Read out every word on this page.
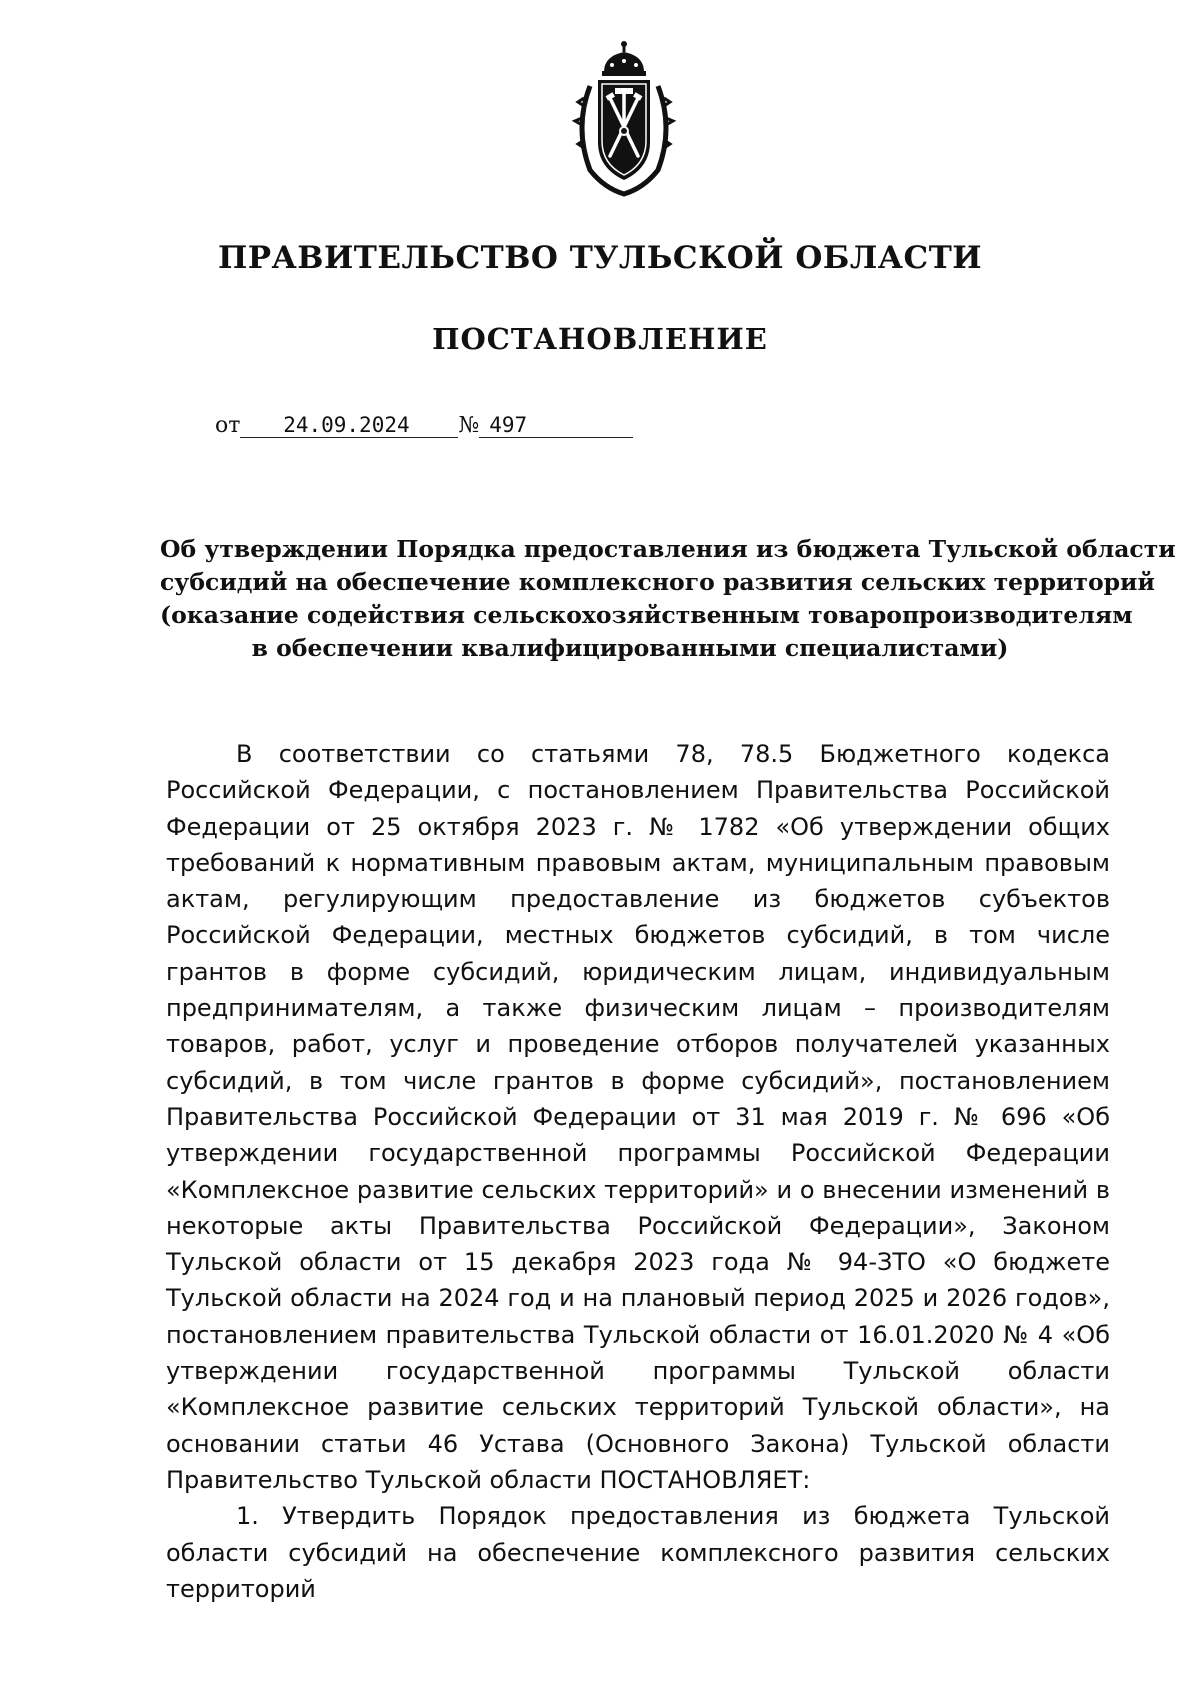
ПРАВИТЕЛЬСТВО ТУЛЬСКОЙ ОБЛАСТИ
ПОСТАНОВЛЕНИЕ
от 24.09.2024 № 497
Об утверждении Порядка предоставления из бюджета Тульской области
субсидий на обеспечение комплексного развития сельских территорий
(оказание содействия сельскохозяйственным товаропроизводителям
в обеспечении квалифицированными специалистами)

В соответствии со статьями 78, 78.5 Бюджетного кодекса Российской Федерации, с постановлением Правительства Российской Федерации от 25 октября 2023 г. № 1782 «Об утверждении общих требований к нормативным правовым актам, муниципальным правовым актам, регулирующим предоставление из бюджетов субъектов Российской Федерации, местных бюджетов субсидий, в том числе грантов в форме субсидий, юридическим лицам, индивидуальным предпринимателям, а также физическим лицам – производителям товаров, работ, услуг и проведение отборов получателей указанных субсидий, в том числе грантов в форме субсидий», постановлением Правительства Российской Федерации от 31 мая 2019 г. № 696 «Об утверждении государственной программы Российской Федерации «Комплексное развитие сельских территорий» и о внесении изменений в некоторые акты Правительства Российской Федерации», Законом Тульской области от 15 декабря 2023 года № 94-ЗТО «О бюджете Тульской области на 2024 год и на плановый период 2025 и 2026 годов», постановлением правительства Тульской области от 16.01.2020 № 4 «Об утверждении государственной программы Тульской области «Комплексное развитие сельских территорий Тульской области», на основании статьи 46 Устава (Основного Закона) Тульской области Правительство Тульской области ПОСТАНОВЛЯЕТ:

1. Утвердить Порядок предоставления из бюджета Тульской области субсидий на обеспечение комплексного развития сельских территорий
